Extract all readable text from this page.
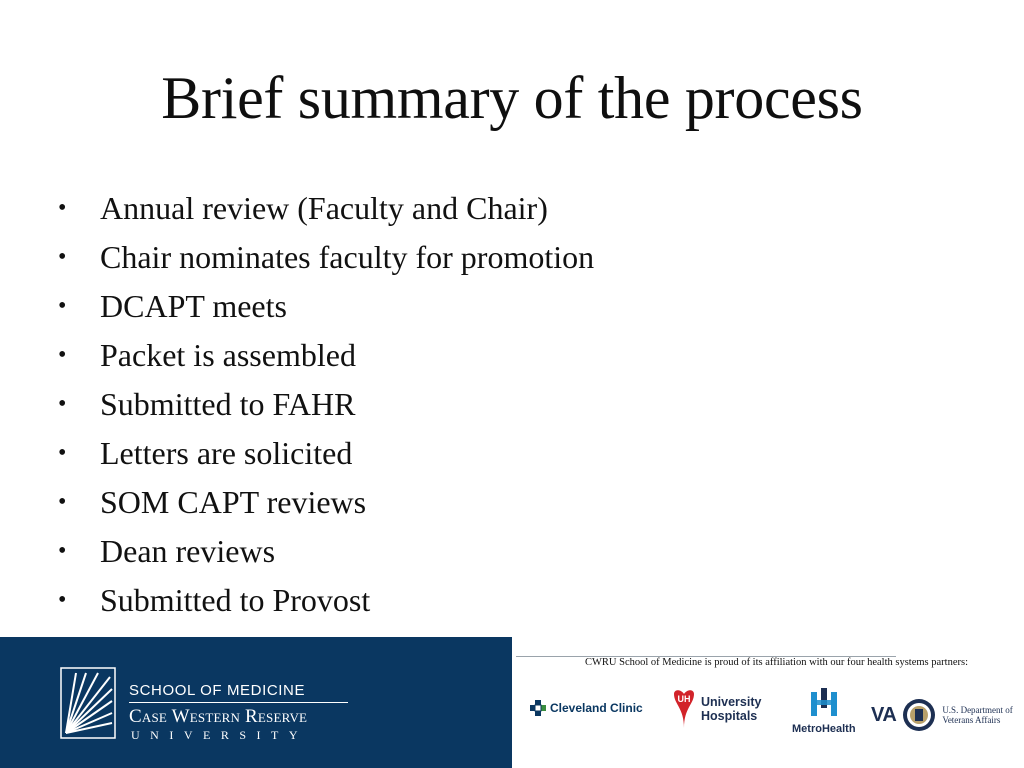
Brief summary of the process
• Annual review (Faculty and Chair)
• Chair nominates faculty for promotion
• DCAPT meets
• Packet is assembled
• Submitted to FAHR
• Letters are solicited
• SOM CAPT reviews
• Dean reviews
• Submitted to Provost
SCHOOL OF MEDICINE
Case Western Reserve
UNIVERSITY
CWRU School of Medicine is proud of its affiliation with our four health systems partners:
Cleveland Clinic
UH University Hospitals
MetroHealth
VA	U.S. Department of Veterans Affairs
